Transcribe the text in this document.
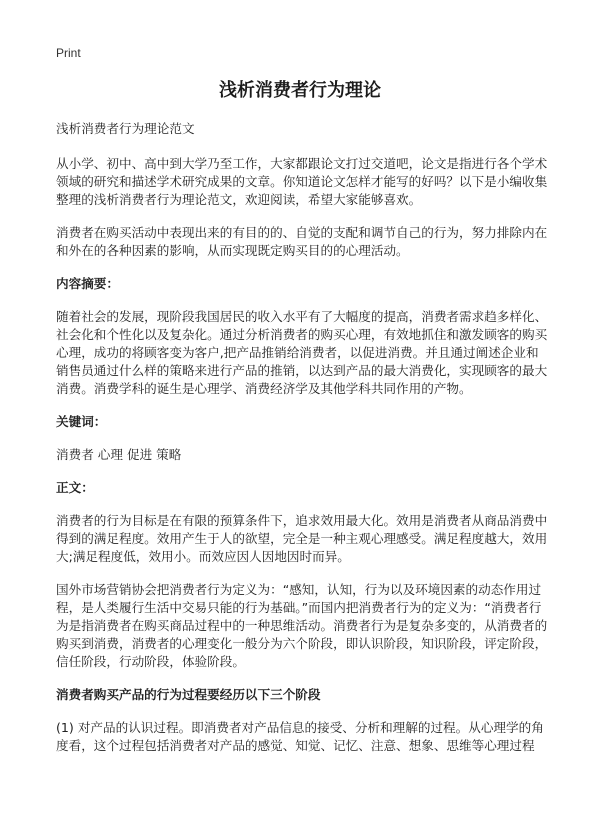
Print
浅析消费者行为理论

浅析消费者行为理论范文

从小学、初中、高中到大学乃至工作，大家都跟论文打过交道吧，论文是指进行各个学术领域的研究和描述学术研究成果的文章。你知道论文怎样才能写的好吗？以下是小编收集整理的浅析消费者行为理论范文，欢迎阅读，希望大家能够喜欢。

消费者在购买活动中表现出来的有目的的、自觉的支配和调节自己的行为，努力排除内在和外在的各种因素的影响，从而实现既定购买目的的心理活动。

内容摘要：

随着社会的发展，现阶段我国居民的收入水平有了大幅度的提高，消费者需求趋多样化、社会化和个性化以及复杂化。通过分析消费者的购买心理，有效地抓住和激发顾客的购买心理，成功的将顾客变为客户,把产品推销给消费者，以促进消费。并且通过阐述企业和销售员通过什么样的策略来进行产品的推销，以达到产品的最大消费化，实现顾客的最大消费。消费学科的诞生是心理学、消费经济学及其他学科共同作用的产物。

关键词：

消费者 心理 促进 策略

正文：

消费者的行为目标是在有限的预算条件下，追求效用最大化。效用是消费者从商品消费中得到的满足程度。效用产生于人的欲望，完全是一种主观心理感受。满足程度越大，效用大;满足程度低，效用小。而效应因人因地因时而异。

国外市场营销协会把消费者行为定义为：“感知，认知，行为以及环境因素的动态作用过程，是人类履行生活中交易只能的行为基础。”而国内把消费者行为的定义为：“消费者行为是指消费者在购买商品过程中的一种思维活动。消费者行为是复杂多变的，从消费者的购买到消费，消费者的心理变化一般分为六个阶段，即认识阶段，知识阶段，评定阶段，信任阶段，行动阶段，体验阶段。

消费者购买产品的行为过程要经历以下三个阶段

(1) 对产品的认识过程。即消费者对产品信息的接受、分析和理解的过程。从心理学的角度看，这个过程包括消费者对产品的感觉、知觉、记忆、注意、想象、思维等心理过程
